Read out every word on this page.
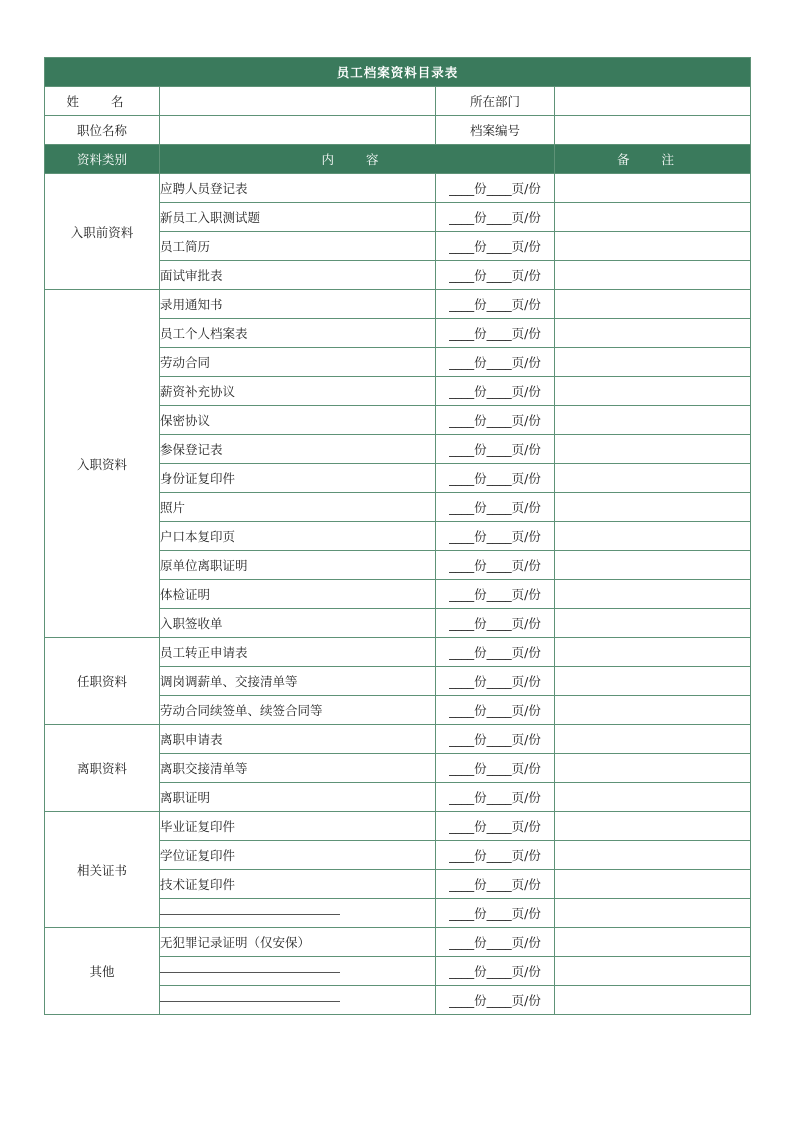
员工档案资料目录表			
姓 名		所在部门	
职位名称		档案编号	
资料类别	内 容		备 注
入职前资料	应聘人员登记表	____份____页/份	
	新员工入职测试题	____份____页/份	
	员工简历	____份____页/份	
	面试审批表	____份____页/份	
入职资料	录用通知书	____份____页/份	
	员工个人档案表	____份____页/份	
	劳动合同	____份____页/份	
	薪资补充协议	____份____页/份	
	保密协议	____份____页/份	
	参保登记表	____份____页/份	
	身份证复印件	____份____页/份	
	照片	____份____页/份	
	户口本复印页	____份____页/份	
	原单位离职证明	____份____页/份	
	体检证明	____份____页/份	
	入职签收单	____份____页/份	
任职资料	员工转正申请表	____份____页/份	
	调岗调薪单、交接清单等	____份____页/份	
	劳动合同续签单、续签合同等	____份____页/份	
离职资料	离职申请表	____份____页/份	
	离职交接清单等	____份____页/份	
	离职证明	____份____页/份	
相关证书	毕业证复印件	____份____页/份	
	学位证复印件	____份____页/份	
	技术证复印件	____份____页/份	
		____份____页/份	
其他	无犯罪记录证明（仅安保）	____份____页/份	
		____份____页/份	
		____份____页/份	
